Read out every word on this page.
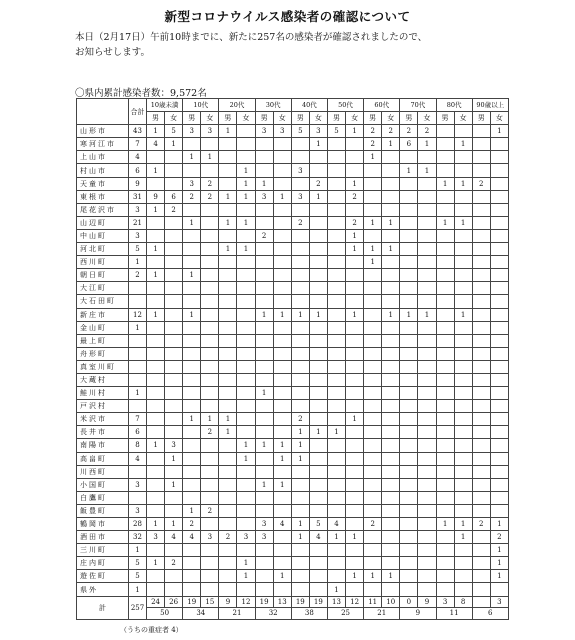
新型コロナウイルス感染者の確認について
本日（2月17日）午前10時までに、新たに257名の感染者が確認されましたので、
お知らせします。
〇県内累計感染者数：9,572名
	合計	10歳未満		10代		20代		30代		40代		50代		60代		70代		80代		90歳以上	
		男	女	男	女	男	女	男	女	男	女	男	女	男	女	男	女	男	女	男	女
山形市	43	1	5	3	3	1		3	3	5	3	5	1	2	2	2	2				1
寒河江市	7	4	1								1			2	1	6	1		1		
上山市	4			1	1									1							
村山市	6	1					1			3						1	1				
天童市	9			3	2		1	1			2		1					1	1	2	
東根市	31	9	6	2	2	1	1	3	1	3	1		2								
尾花沢市	3	1	2																		
山辺町	21			1		1	1			2			2	1	1			1	1		
中山町	3							2					1								
河北町	5	1				1	1						1	1	1						
西川町	1													1							
朝日町	2	1		1																	
大江町																					
大石田町																					
新庄市	12	1		1				1	1	1	1		1		1	1	1		1		
金山町	1																				
最上町																					
舟形町																					
真室川町																					
大蔵村																					
鮭川村	1							1													
戸沢村																					
米沢市	7			1	1	1				2			1								
長井市	6				2	1				1	1	1									
南陽市	8	1	3				1	1	1	1											
高畠町	4		1				1		1	1											
川西町																					
小国町	3		1					1	1												
白鷹町																					
飯豊町	3			1	2																
鶴岡市	28	1	1	2				3	4	1	5	4		2				1	1	2	1
酒田市	32	3	4	4	3	2	3	3		1	4	1	1						1		2
三川町	1																				1
庄内町	5	1	2				1														1
遊佐町	5						1		1				1	1	1						1
県外	1											1									
計	257	24	26	19	15	9	12	19	13	19	19	13	12	11	10	0	9	3	8		3
		50		34		21		32		38		25		21		9		11		6	
（うちの重症者 4）
